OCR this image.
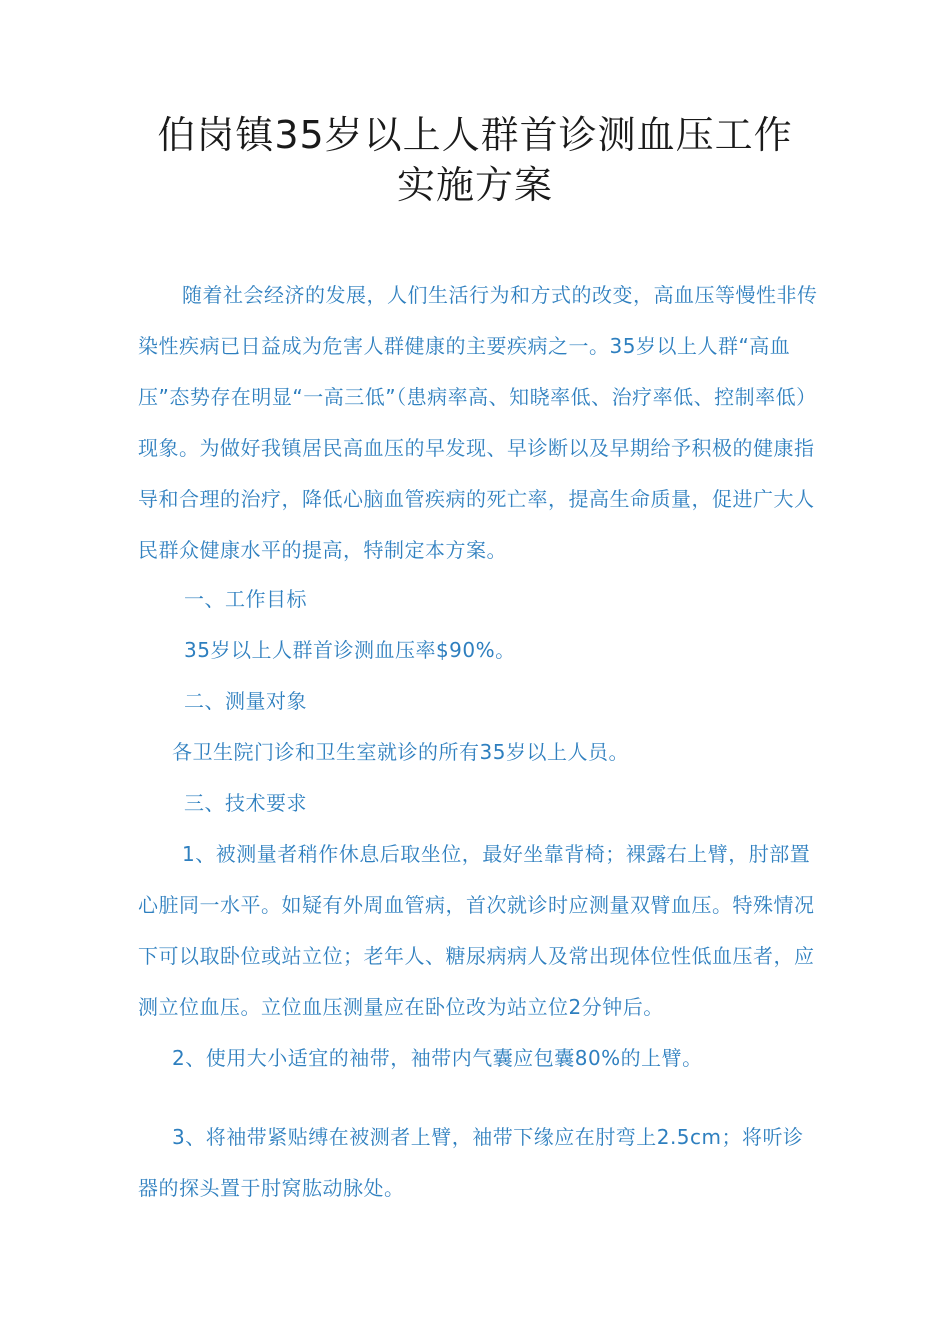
伯岗镇35岁以上人群首诊测血压工作
实施方案
随着社会经济的发展，人们生活行为和方式的改变，高血压等慢性非传染性疾病已日益成为危害人群健康的主要疾病之一。35岁以上人群“高血压”态势存在明显“一高三低”（患病率高、知晓率低、治疗率低、控制率低）现象。为做好我镇居民高血压的早发现、早诊断以及早期给予积极的健康指导和合理的治疗，降低心脑血管疾病的死亡率，提高生命质量，促进广大人民群众健康水平的提高，特制定本方案。
一、工作目标
35岁以上人群首诊测血压率$90%。
二、测量对象
各卫生院门诊和卫生室就诊的所有35岁以上人员。
三、技术要求
1、被测量者稍作休息后取坐位，最好坐靠背椅；裸露右上臂，肘部置心脏同一水平。如疑有外周血管病，首次就诊时应测量双臂血压。特殊情况下可以取卧位或站立位；老年人、糖尿病病人及常出现体位性低血压者，应测立位血压。立位血压测量应在卧位改为站立位2分钟后。
2、使用大小适宜的袖带，袖带内气囊应包囊80%的上臂。
3、将袖带紧贴缚在被测者上臂，袖带下缘应在肘弯上2.5cm；将听诊器的探头置于肘窝肱动脉处。
